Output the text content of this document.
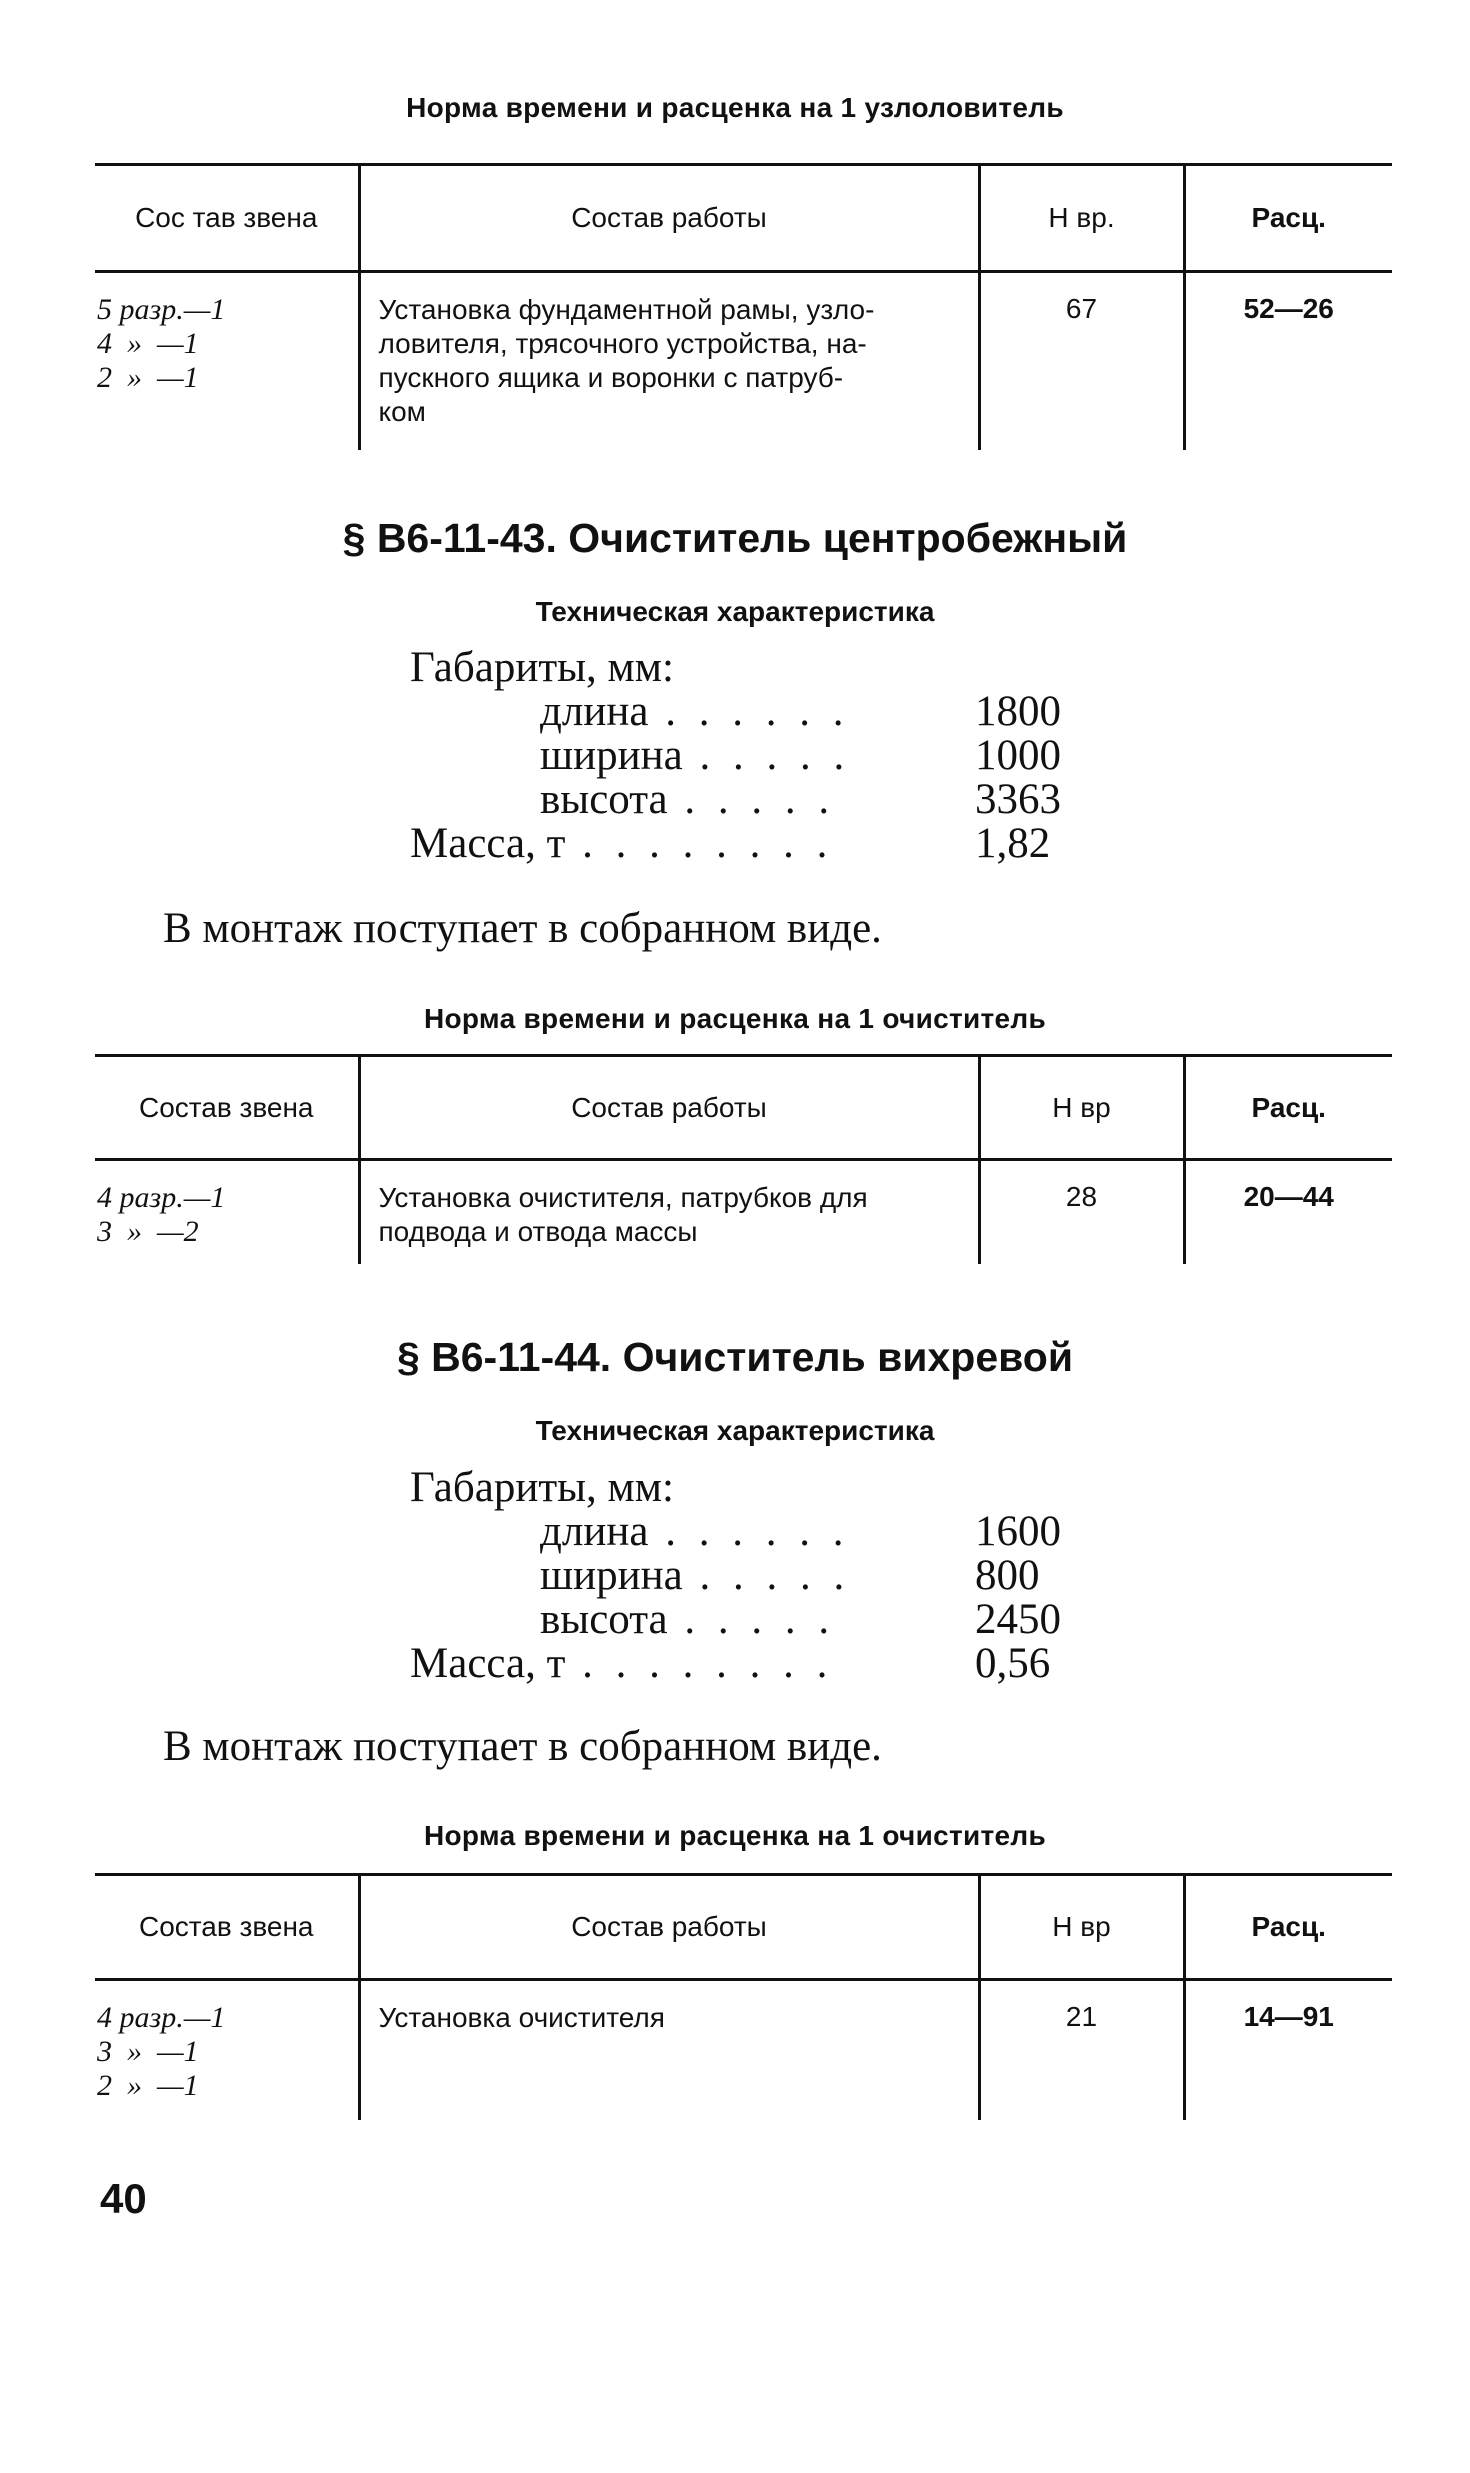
Норма времени и расценка на 1 узлоловитель
Сос тав звена	Состав работы	Н вр.	Расц.

5 разр.—1
4  »  —1
2  »  —1	Установка фундаментной рамы, узло-
ловителя, трясочного устройства, на-
пускного ящика и воронки с патруб-
ком	67	52—26
§ В6-11-43. Очиститель центробежный
Техническая характеристика
Габариты, мм:
длина . . . . . .	1800
ширина . . . . .	1000
высота . . . . .	3363
Масса, т . . . . . . . .	1,82
В монтаж поступает в собранном виде.
Норма времени и расценка на 1 очиститель
Состав звена	Состав работы	Н вр	Расц.

4 разр.—1
3  »  —2	Установка очистителя, патрубков для
подвода и отвода массы	28	20—44
§ В6-11-44. Очиститель вихревой
Техническая характеристика
Габариты, мм:
длина . . . . . .	1600
ширина . . . . .	800
высота . . . . .	2450
Масса, т . . . . . . . .	0,56
В монтаж поступает в собранном виде.
Норма времени и расценка на 1 очиститель
Состав звена	Состав работы	Н вр	Расц.

4 разр.—1
3  »  —1
2  »  —1	Установка очистителя	21	14—91
40
